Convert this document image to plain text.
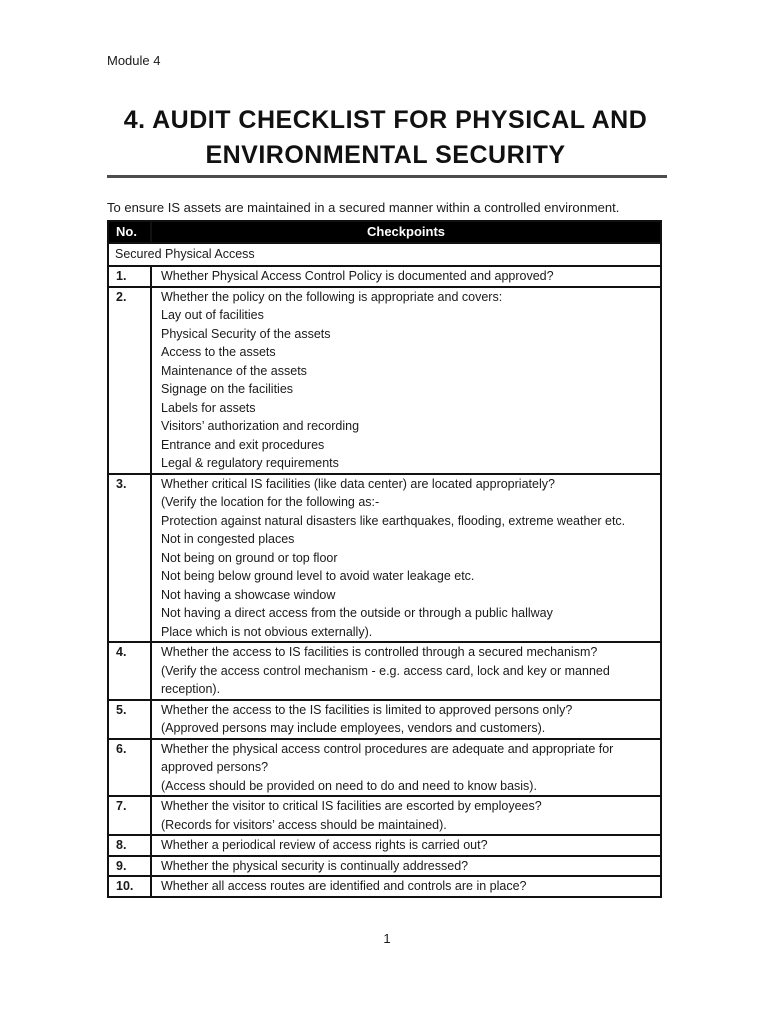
Module 4
4. AUDIT CHECKLIST FOR PHYSICAL AND
ENVIRONMENTAL SECURITY
To ensure IS assets are maintained in a secured manner within a controlled environment.
No.	Checkpoints
Secured Physical Access	
1.	Whether Physical Access Control Policy is documented and approved?

2.	Whether the policy on the following is appropriate and covers:
Lay out of facilities
Physical Security of the assets
Access to the assets
Maintenance of the assets
Signage on the facilities
Labels for assets
Visitors’ authorization and recording
Entrance and exit procedures
Legal & regulatory requirements

3.	Whether critical IS facilities (like data center) are located appropriately?
(Verify the location for the following as:-
Protection against natural disasters like earthquakes, flooding, extreme weather etc.
Not in congested places
Not being on ground or top floor
Not being below ground level to avoid water leakage etc.
Not having a showcase window
Not having a direct access from the outside or through a public hallway
Place which is not obvious externally).

4.	Whether the access to IS facilities is controlled through a secured mechanism?
(Verify the access control mechanism - e.g. access card, lock and key or manned
reception).

5.	Whether the access to the IS facilities is limited to approved persons only?
(Approved persons may include employees, vendors and customers).

6.	Whether the physical access control procedures are adequate and appropriate for
approved persons?
(Access should be provided on need to do and need to know basis).

7.	Whether the visitor to critical IS facilities are escorted by employees?
(Records for visitors’ access should be maintained).

8.	Whether a periodical review of access rights is carried out?

9.	Whether the physical security is continually addressed?

10.	Whether all access routes are identified and controls are in place?
1
